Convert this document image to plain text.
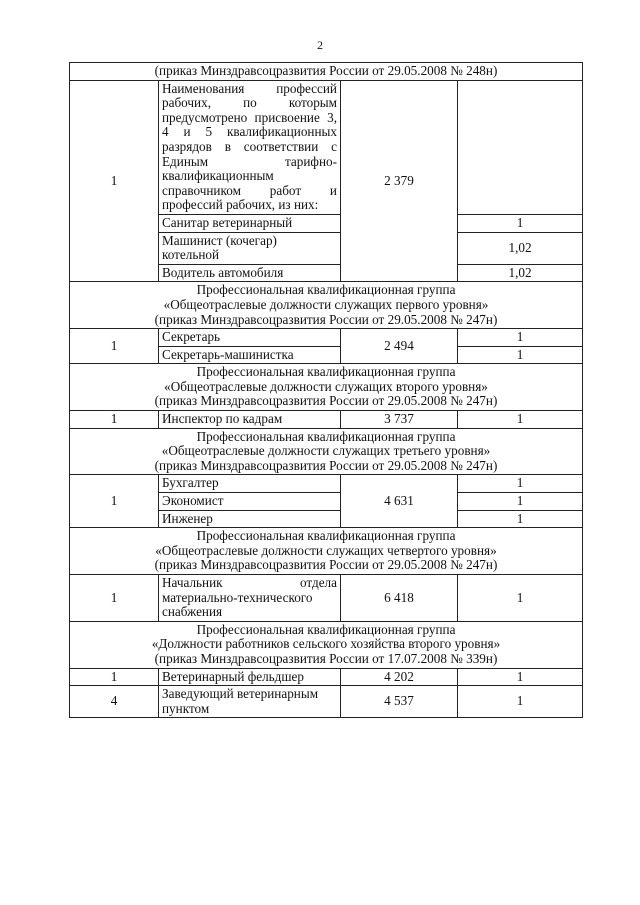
2
(приказ Минздравсоцразвития России от 29.05.2008 № 248н)			

1	Наименования профессий рабочих, по которым предусмотрено присвоение 3, 4 и 5 квалификационных разрядов в соответствии с Единым тарифно-квалификационным справочником работ и профессий рабочих, из них:	2 379	
	Санитар ветеринарный		1
	Машинист (кочегар) котельной		1,02
	Водитель автомобиля		1,02

Профессиональная квалификационная группа
«Общеотраслевые должности служащих первого уровня»
(приказ Минздравсоцразвития России от 29.05.2008 № 247н)			

1	Секретарь	2 494	1
	Секретарь-машинистка		1

Профессиональная квалификационная группа
«Общеотраслевые должности служащих второго уровня»
(приказ Минздравсоцразвития России от 29.05.2008 № 247н)			

1	Инспектор по кадрам	3 737	1

Профессиональная квалификационная группа
«Общеотраслевые должности служащих третьего уровня»
(приказ Минздравсоцразвития России от 29.05.2008 № 247н)			

1	Бухгалтер	4 631	1
	Экономист		1
	Инженер		1

Профессиональная квалификационная группа
«Общеотраслевые должности служащих четвертого уровня»
(приказ Минздравсоцразвития России от 29.05.2008 № 247н)			

1	Начальник отдела материально-технического снабжения	6 418	1

Профессиональная квалификационная группа
«Должности работников сельского хозяйства второго уровня»
(приказ Минздравсоцразвития России от 17.07.2008 № 339н)			

1	Ветеринарный фельдшер	4 202	1
4	Заведующий ветеринарным пунктом	4 537	1
